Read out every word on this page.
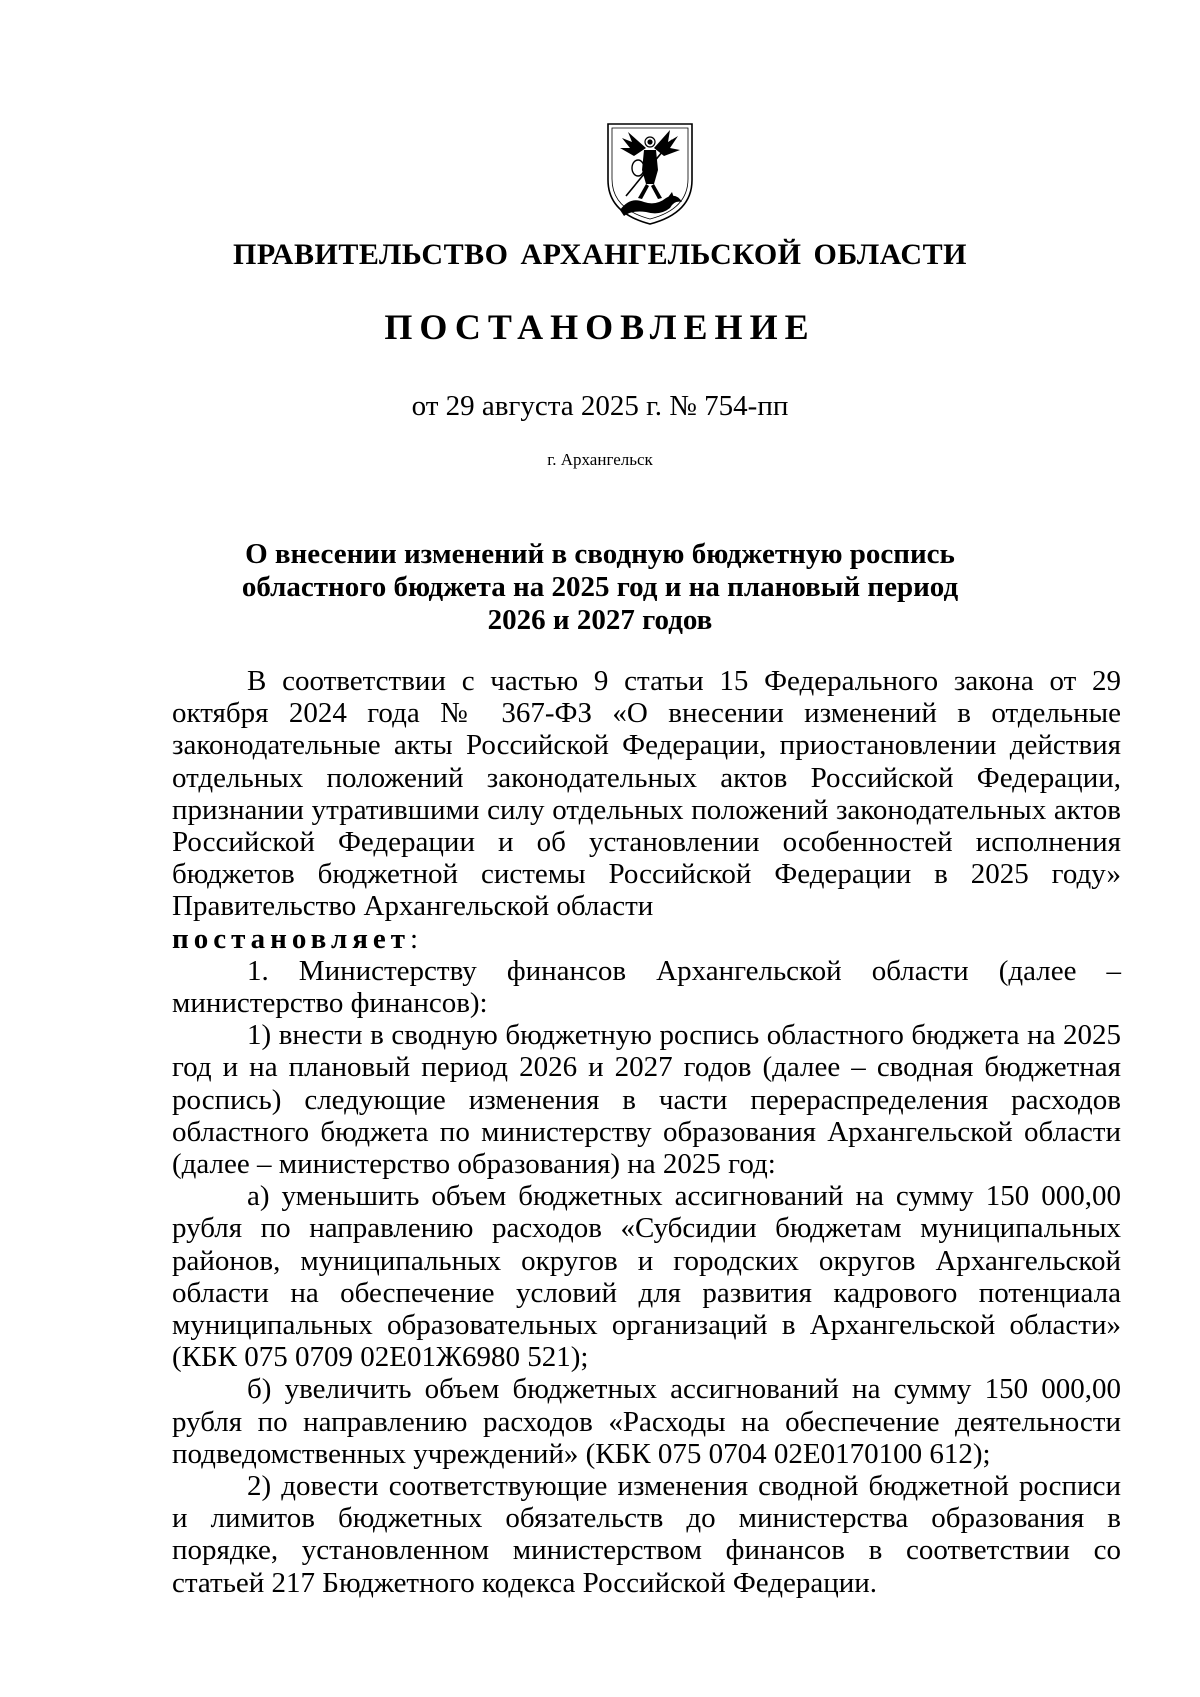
ПРАВИТЕЛЬСТВО АРХАНГЕЛЬСКОЙ ОБЛАСТИ
ПОСТАНОВЛЕНИЕ
от 29 августа 2025 г. № 754-пп
г. Архангельск
О внесении изменений в сводную бюджетную роспись
областного бюджета на 2025 год и на плановый период
2026 и 2027 годов

В соответствии с частью 9 статьи 15 Федерального закона от 29 октября 2024 года № 367-ФЗ «О внесении изменений в отдельные законодательные акты Российской Федерации, приостановлении действия отдельных положений законодательных актов Российской Федерации, признании утратившими силу отдельных положений законодательных актов Российской Федерации и об установлении особенностей исполнения бюджетов бюджетной системы Российской Федерации в 2025 году» Правительство Архангельской области
постановляет:

1. Министерству финансов Архангельской области (далее – министерство финансов):

1) внести в сводную бюджетную роспись областного бюджета на 2025 год и на плановый период 2026 и 2027 годов (далее – сводная бюджетная роспись) следующие изменения в части перераспределения расходов областного бюджета по министерству образования Архангельской области (далее – министерство образования) на 2025 год:

а) уменьшить объем бюджетных ассигнований на сумму 150 000,00 рубля по направлению расходов «Субсидии бюджетам муниципальных районов, муниципальных округов и городских округов Архангельской области на обеспечение условий для развития кадрового потенциала муниципальных образовательных организаций в Архангельской области» (КБК 075 0709 02Е01Ж6980 521);

б) увеличить объем бюджетных ассигнований на сумму 150 000,00 рубля по направлению расходов «Расходы на обеспечение деятельности подведомственных учреждений» (КБК 075 0704 02Е0170100 612);

2) довести соответствующие изменения сводной бюджетной росписи и лимитов бюджетных обязательств до министерства образования в порядке, установленном министерством финансов в соответствии со статьей 217 Бюджетного кодекса Российской Федерации.
